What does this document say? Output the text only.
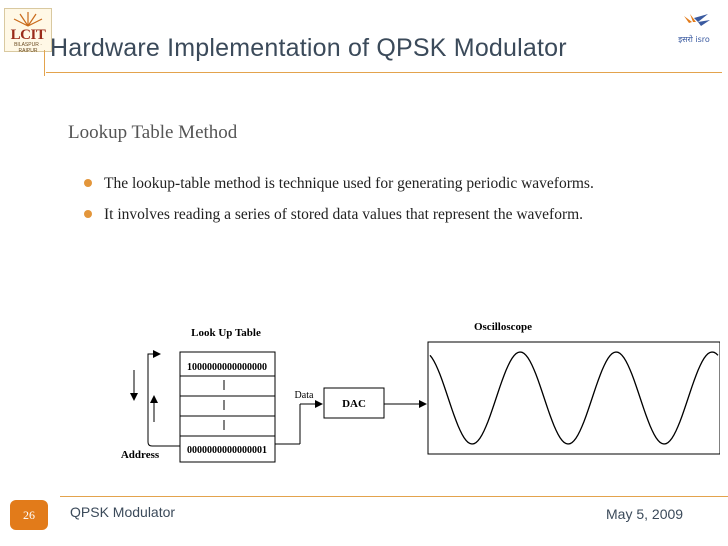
LCIT
BILASPUR · RAIPUR
इसरो isro
Hardware Implementation of QPSK Modulator
Lookup Table Method
The lookup-table method is technique used for generating periodic waveforms.
It involves reading a series of stored data values that represent the waveform.
Look Up Table
1000000000000000
0000000000000001
Address
Data
DAC
Oscilloscope
26	QPSK Modulator	May 5, 2009
